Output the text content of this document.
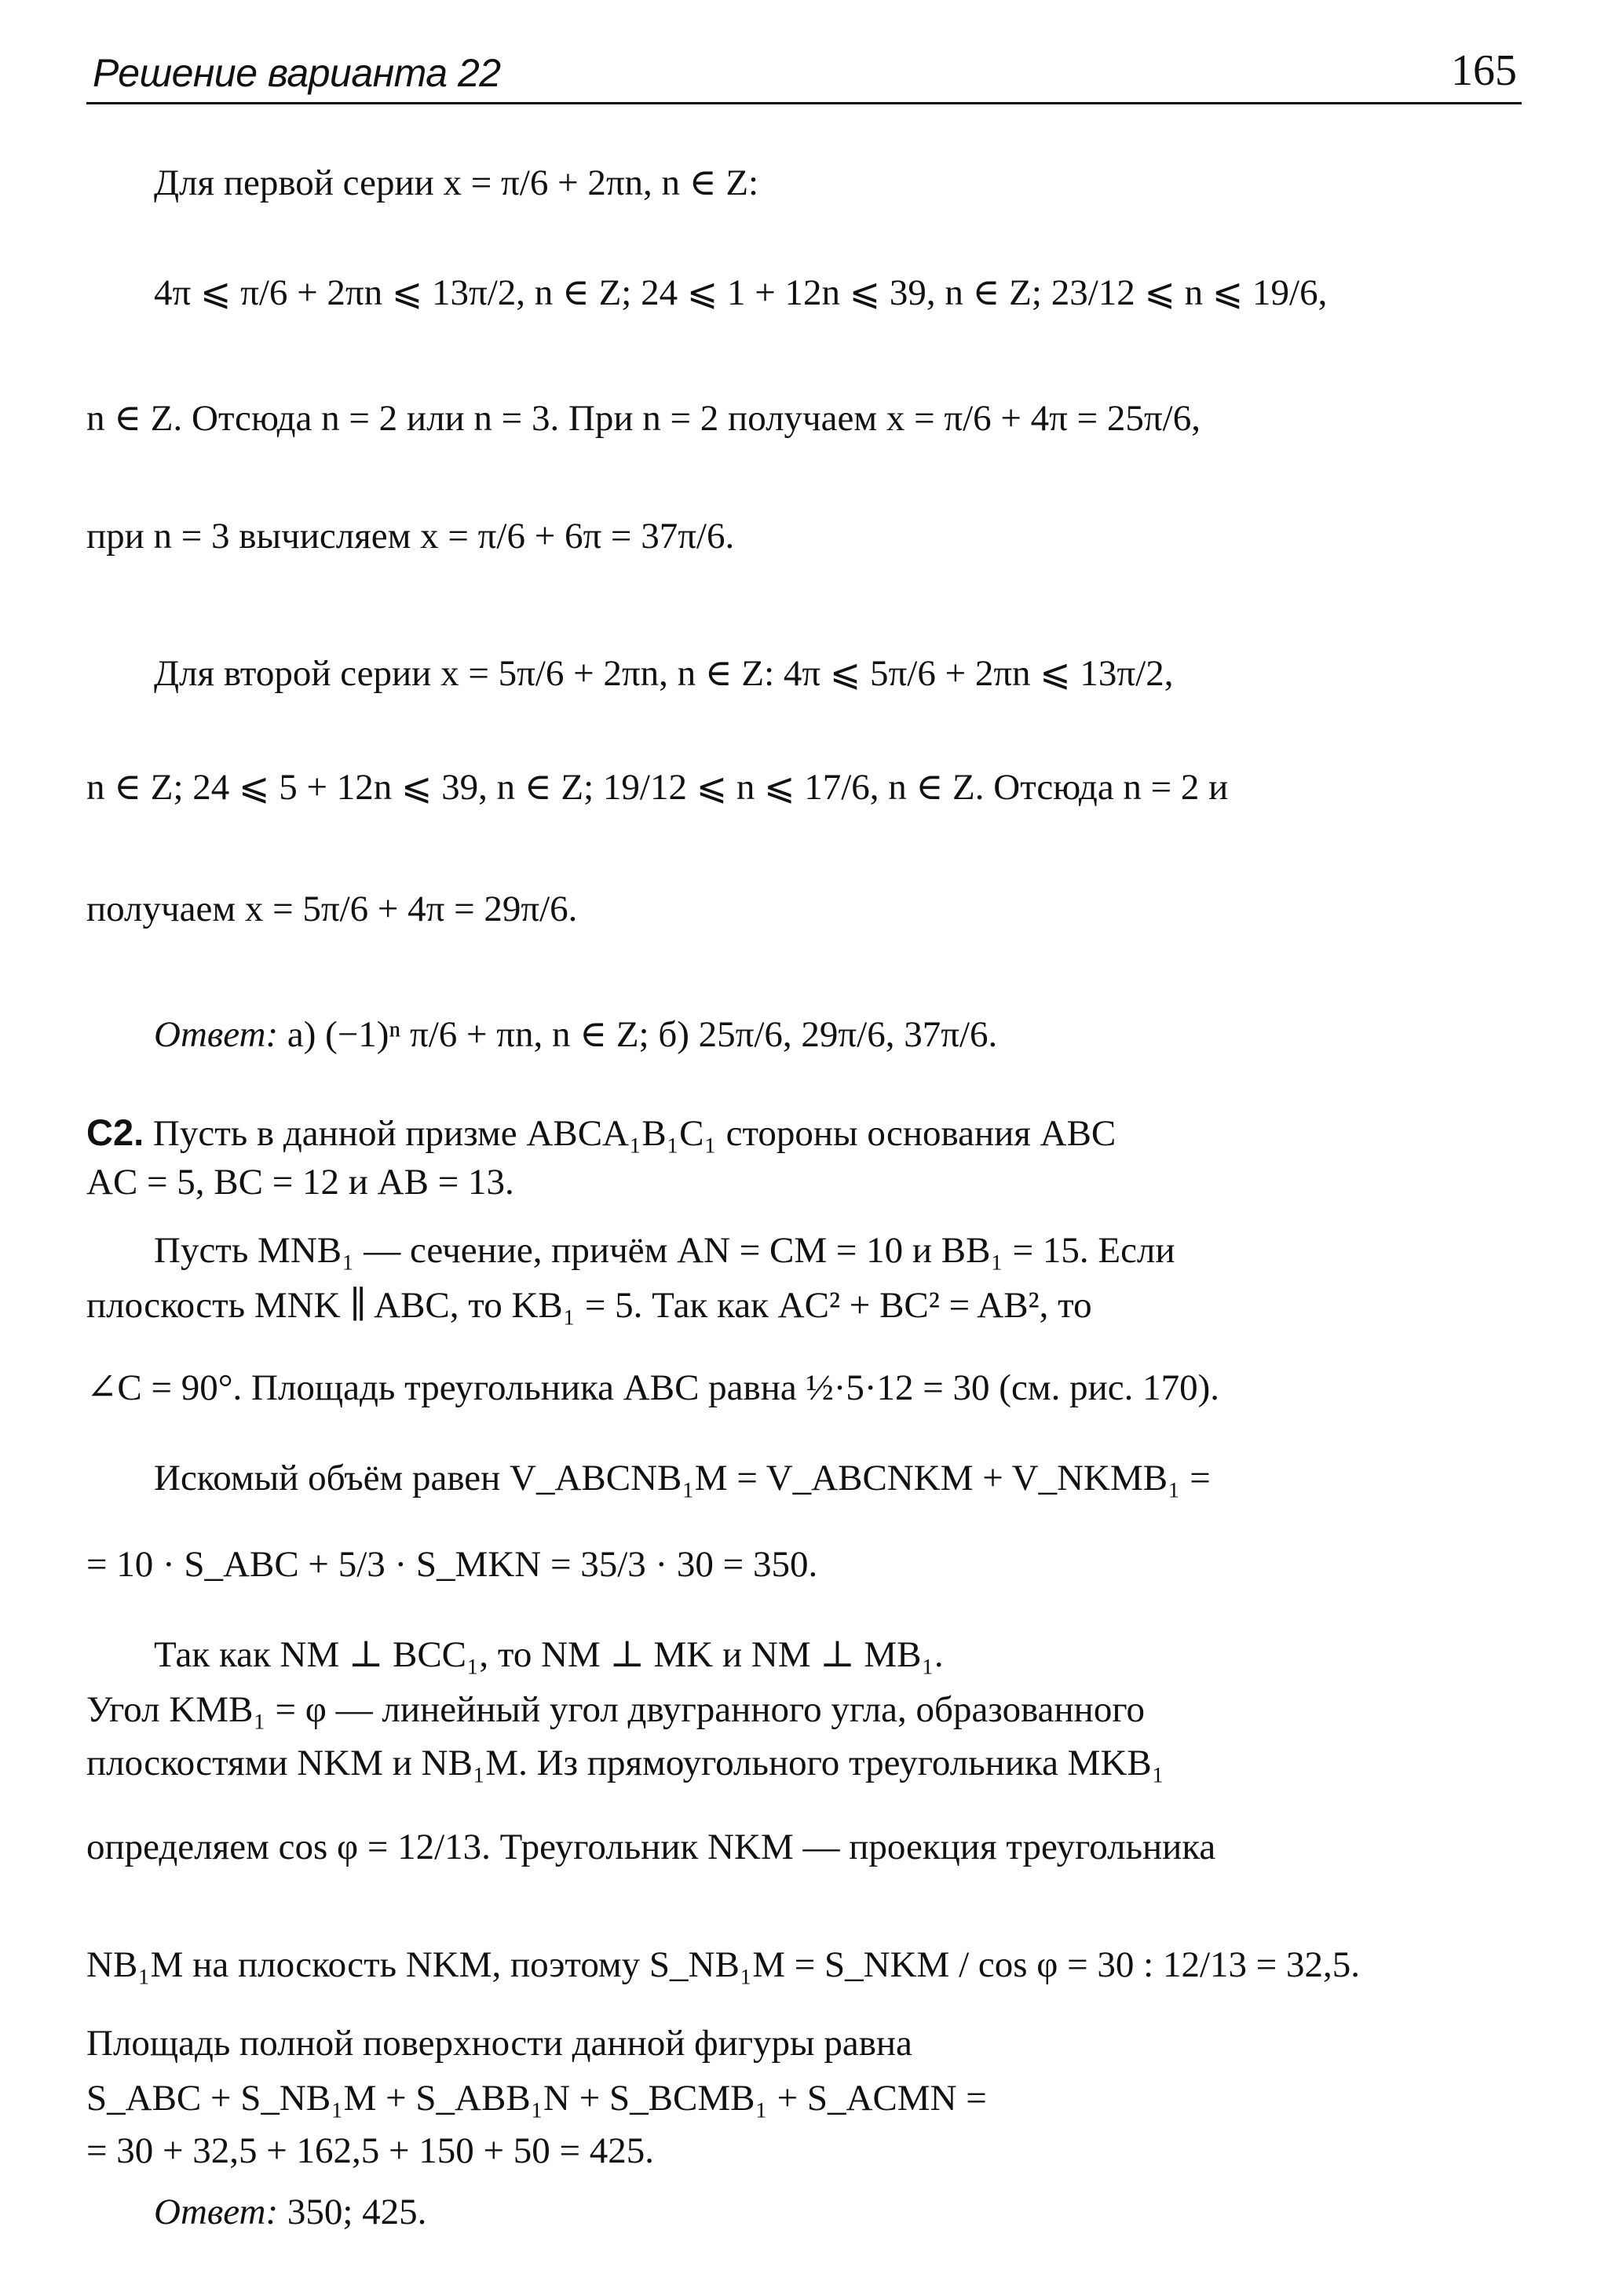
Решение варианта 22	165
Для первой серии x = π/6 + 2πn, n ∈ Z:
4π ⩽ π/6 + 2πn ⩽ 13π/2, n ∈ Z; 24 ⩽ 1 + 12n ⩽ 39, n ∈ Z; 23/12 ⩽ n ⩽ 19/6,
n ∈ Z. Отсюда n = 2 или n = 3. При n = 2 получаем x = π/6 + 4π = 25π/6,
при n = 3 вычисляем x = π/6 + 6π = 37π/6.
Для второй серии x = 5π/6 + 2πn, n ∈ Z: 4π ⩽ 5π/6 + 2πn ⩽ 13π/2,
n ∈ Z; 24 ⩽ 5 + 12n ⩽ 39, n ∈ Z; 19/12 ⩽ n ⩽ 17/6, n ∈ Z. Отсюда n = 2 и
получаем x = 5π/6 + 4π = 29π/6.
Ответ: а) (−1)ⁿ π/6 + πn, n ∈ Z; б) 25π/6, 29π/6, 37π/6.
C2. Пусть в данной призме ABCA₁B₁C₁ стороны основания ABC
AC = 5, BC = 12 и AB = 13.
Пусть MNB₁ — сечение, причём AN = CM = 10 и BB₁ = 15. Если
плоскость MNK ∥ ABC, то KB₁ = 5. Так как AC² + BC² = AB², то
∠C = 90°. Площадь треугольника ABC равна ½·5·12 = 30 (см. рис. 170).
Искомый объём равен V_ABCNB₁M = V_ABCNKM + V_NKMB₁ =
= 10 · S_ABC + 5/3 · S_MKN = 35/3 · 30 = 350.
Так как NM ⊥ BCC₁, то NM ⊥ MK и NM ⊥ MB₁.
Угол KMB₁ = φ — линейный угол двугранного угла, образованного
плоскостями NKM и NB₁M. Из прямоугольного треугольника MKB₁
определяем cos φ = 12/13. Треугольник NKM — проекция треугольника
NB₁M на плоскость NKM, поэтому S_NB₁M = S_NKM / cos φ = 30 : 12/13 = 32,5.
Площадь полной поверхности данной фигуры равна
S_ABC + S_NB₁M + S_ABB₁N + S_BCMB₁ + S_ACMN =
= 30 + 32,5 + 162,5 + 150 + 50 = 425.
Ответ: 350; 425.
